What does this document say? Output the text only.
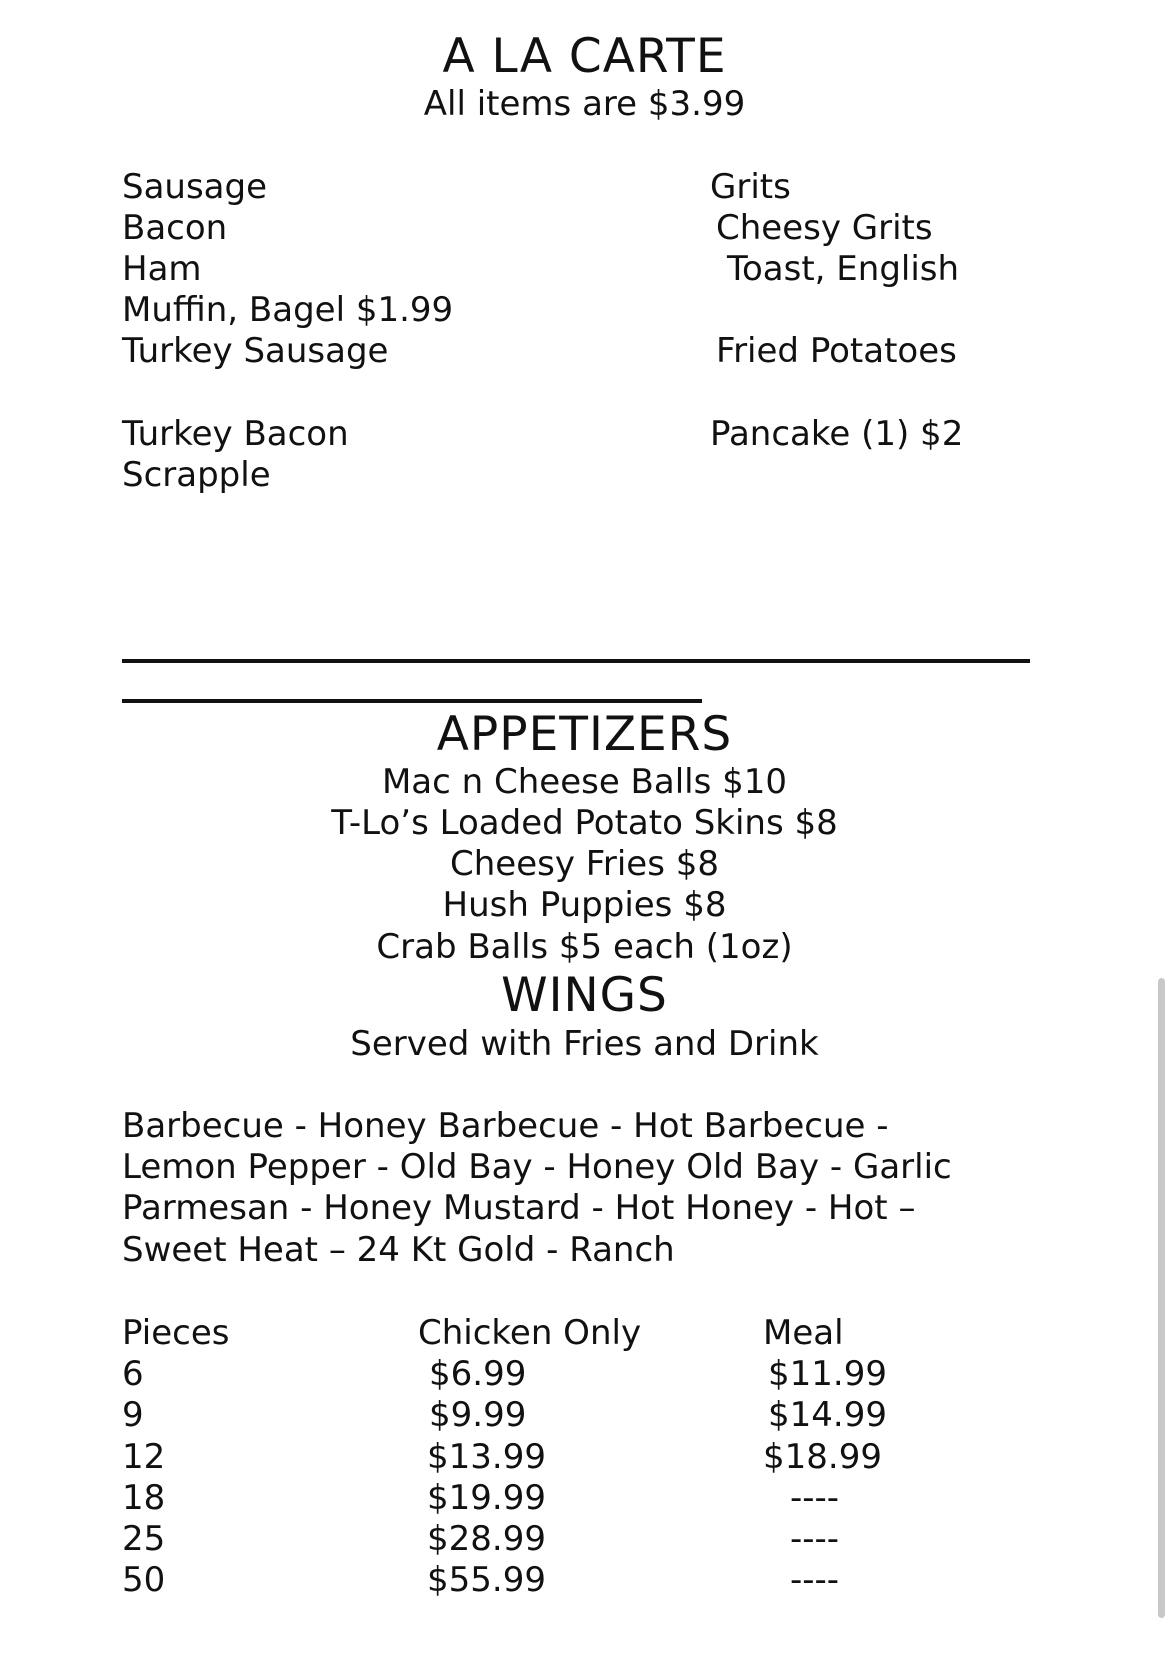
A LA CARTE
All items are $3.99
Sausage
Bacon
Ham
Muffin, Bagel $1.99
Turkey Sausage
Turkey Bacon
Scrapple
Grits
Cheesy Grits
Toast, English
Fried Potatoes
Pancake (1) $2
APPETIZERS
Mac n Cheese Balls $10
T-Lo’s Loaded Potato Skins $8
Cheesy Fries $8
Hush Puppies $8
Crab Balls $5 each (1oz)
WINGS
Served with Fries and Drink
Barbecue - Honey Barbecue - Hot Barbecue -
Lemon Pepper - Old Bay - Honey Old Bay - Garlic
Parmesan - Honey Mustard - Hot Honey - Hot –
Sweet Heat – 24 Kt Gold - Ranch
Pieces	Chicken Only	Meal
6	$6.99	$11.99
9	$9.99	$14.99
12	$13.99	$18.99
18	$19.99	----
25	$28.99	----
50	$55.99	----
